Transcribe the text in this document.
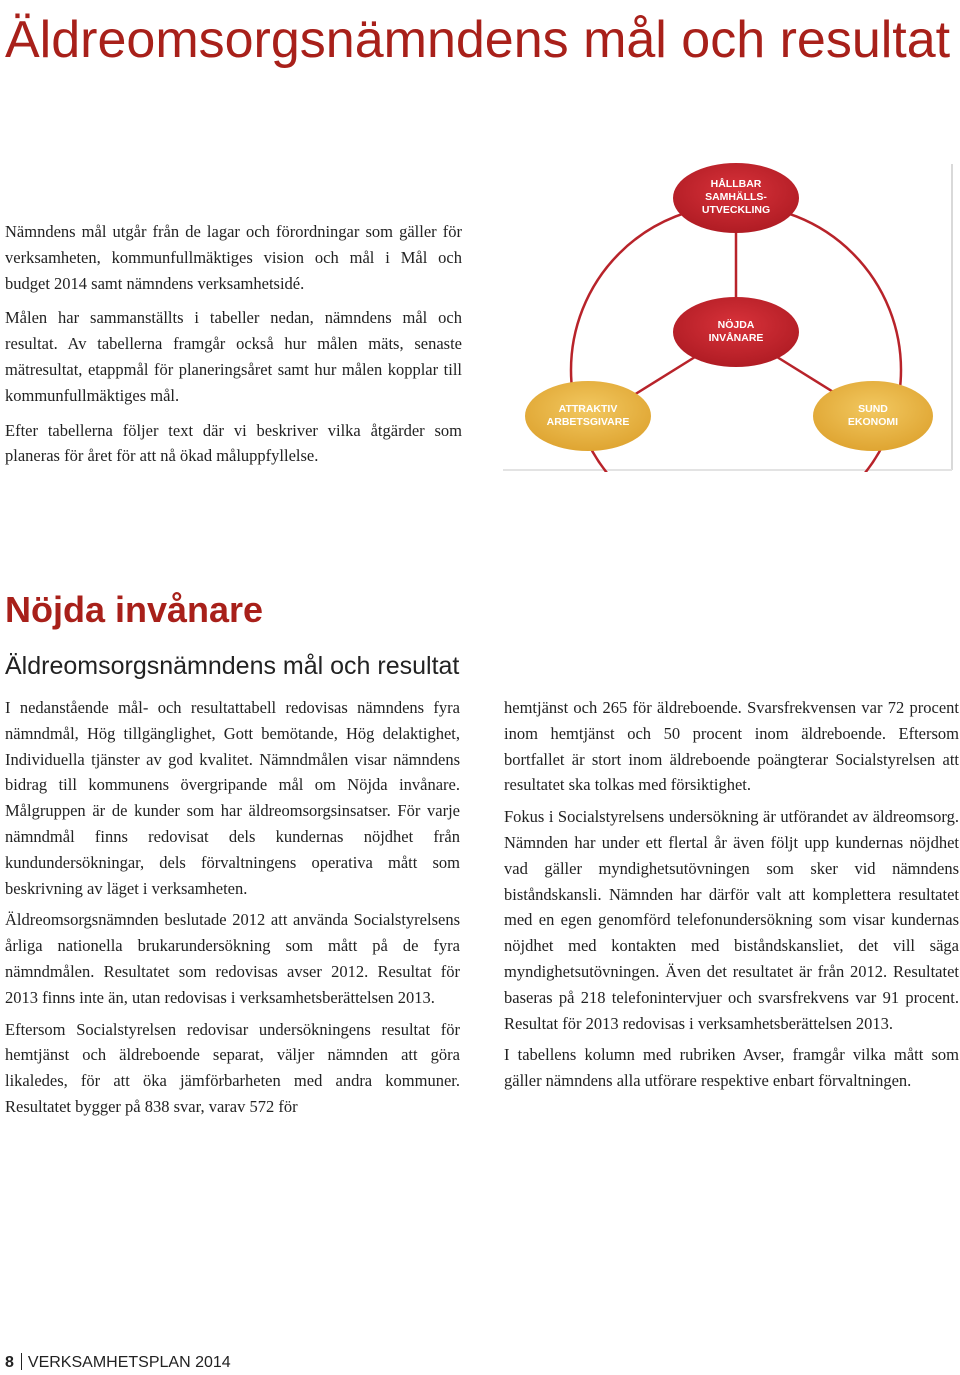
Äldreomsorgsnämndens mål och resultat

Nämndens mål utgår från de lagar och förordningar som gäller för verksamheten, kommunfullmäktiges vision och mål i Mål och budget 2014 samt nämndens verksamhetsidé.

Målen har sammanställts i tabeller nedan, nämndens mål och resultat. Av tabellerna framgår också hur målen mäts, senaste mätresultat, etappmål för planeringsåret samt hur målen kopplar till kommunfullmäktiges mål.

Efter tabellerna följer text där vi beskriver vilka åtgärder som planeras för året för att nå ökad måluppfyllelse.

HÅLLBAR
SAMHÄLLS-
UTVECKLING
NÖJDA
INVÅNARE
ATTRAKTIV
ARBETSGIVARE
SUND
EKONOMI
Nöjda invånare
Äldreomsorgsnämndens mål och resultat

I nedanstående mål- och resultattabell redovisas nämndens fyra nämndmål, Hög tillgänglighet, Gott bemötande, Hög delaktighet, Individuella tjänster av god kvalitet. Nämndmålen visar nämndens bidrag till kommunens övergripande mål om Nöjda invånare. Målgruppen är de kunder som har äldreomsorgsinsatser. För varje nämndmål finns redovisat dels kundernas nöjdhet från kundundersökningar, dels förvaltningens operativa mått som beskrivning av läget i verksamheten.

Äldreomsorgsnämnden beslutade 2012 att använda Socialstyrelsens årliga nationella brukarundersökning som mått på de fyra nämndmålen. Resultatet som redovisas avser 2012. Resultat för 2013 finns inte än, utan redovisas i verksamhetsberättelsen 2013.

Eftersom Socialstyrelsen redovisar undersökningens resultat för hemtjänst och äldreboende separat, väljer nämnden att göra likaledes, för att öka jämförbarheten med andra kommuner. Resultatet bygger på 838 svar, varav 572 för

hemtjänst och 265 för äldreboende. Svarsfrekvensen var 72 procent inom hemtjänst och 50 procent inom äldreboende. Eftersom bortfallet är stort inom äldreboende poängterar Socialstyrelsen att resultatet ska tolkas med försiktighet.

Fokus i Socialstyrelsens undersökning är utförandet av äldreomsorg. Nämnden har under ett flertal år även följt upp kundernas nöjdhet vad gäller myndighetsutövningen som sker vid nämndens biståndskansli. Nämnden har därför valt att komplettera resultatet med en egen genomförd telefonundersökning som visar kundernas nöjdhet med kontakten med biståndskansliet, det vill säga myndighetsutövningen. Även det resultatet är från 2012. Resultatet baseras på 218 telefonintervjuer och svarsfrekvens var 91 procent. Resultat för 2013 redovisas i verksamhetsberättelsen 2013.

I tabellens kolumn med rubriken Avser, framgår vilka mått som gäller nämndens alla utförare respektive enbart förvaltningen.

8 VERKSAMHETSPLAN 2014
